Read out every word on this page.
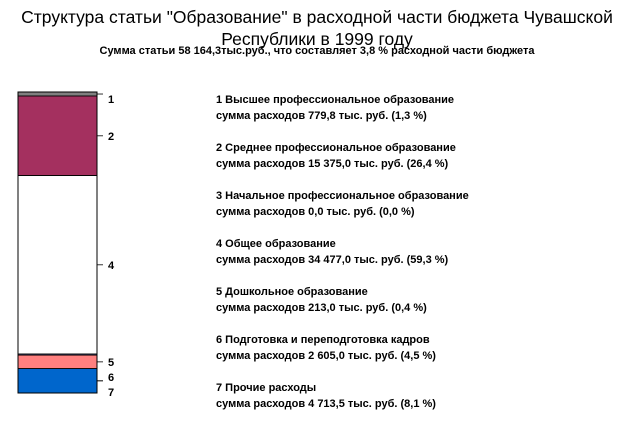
Структура статьи "Образование" в расходной части бюджета Чувашской Республики в 1999 году

Сумма статьи 58 164,3тыс.руб., что составляет 3,8 % расходной части бюджета

1
2
4
5
6
7
1 Высшее профессиональное образование
сумма расходов 779,8 тыс. руб. (1,3 %)
2 Среднее профессиональное образование
сумма расходов 15 375,0 тыс. руб. (26,4 %)
3 Начальное профессиональное образование
сумма расходов 0,0 тыс. руб. (0,0 %)
4 Общее образование
сумма расходов 34 477,0 тыс. руб. (59,3 %)
5 Дошкольное образование
сумма расходов 213,0 тыс. руб. (0,4 %)
6 Подготовка и переподготовка кадров
сумма расходов 2 605,0 тыс. руб. (4,5 %)
7 Прочие расходы
сумма расходов 4 713,5 тыс. руб. (8,1 %)
